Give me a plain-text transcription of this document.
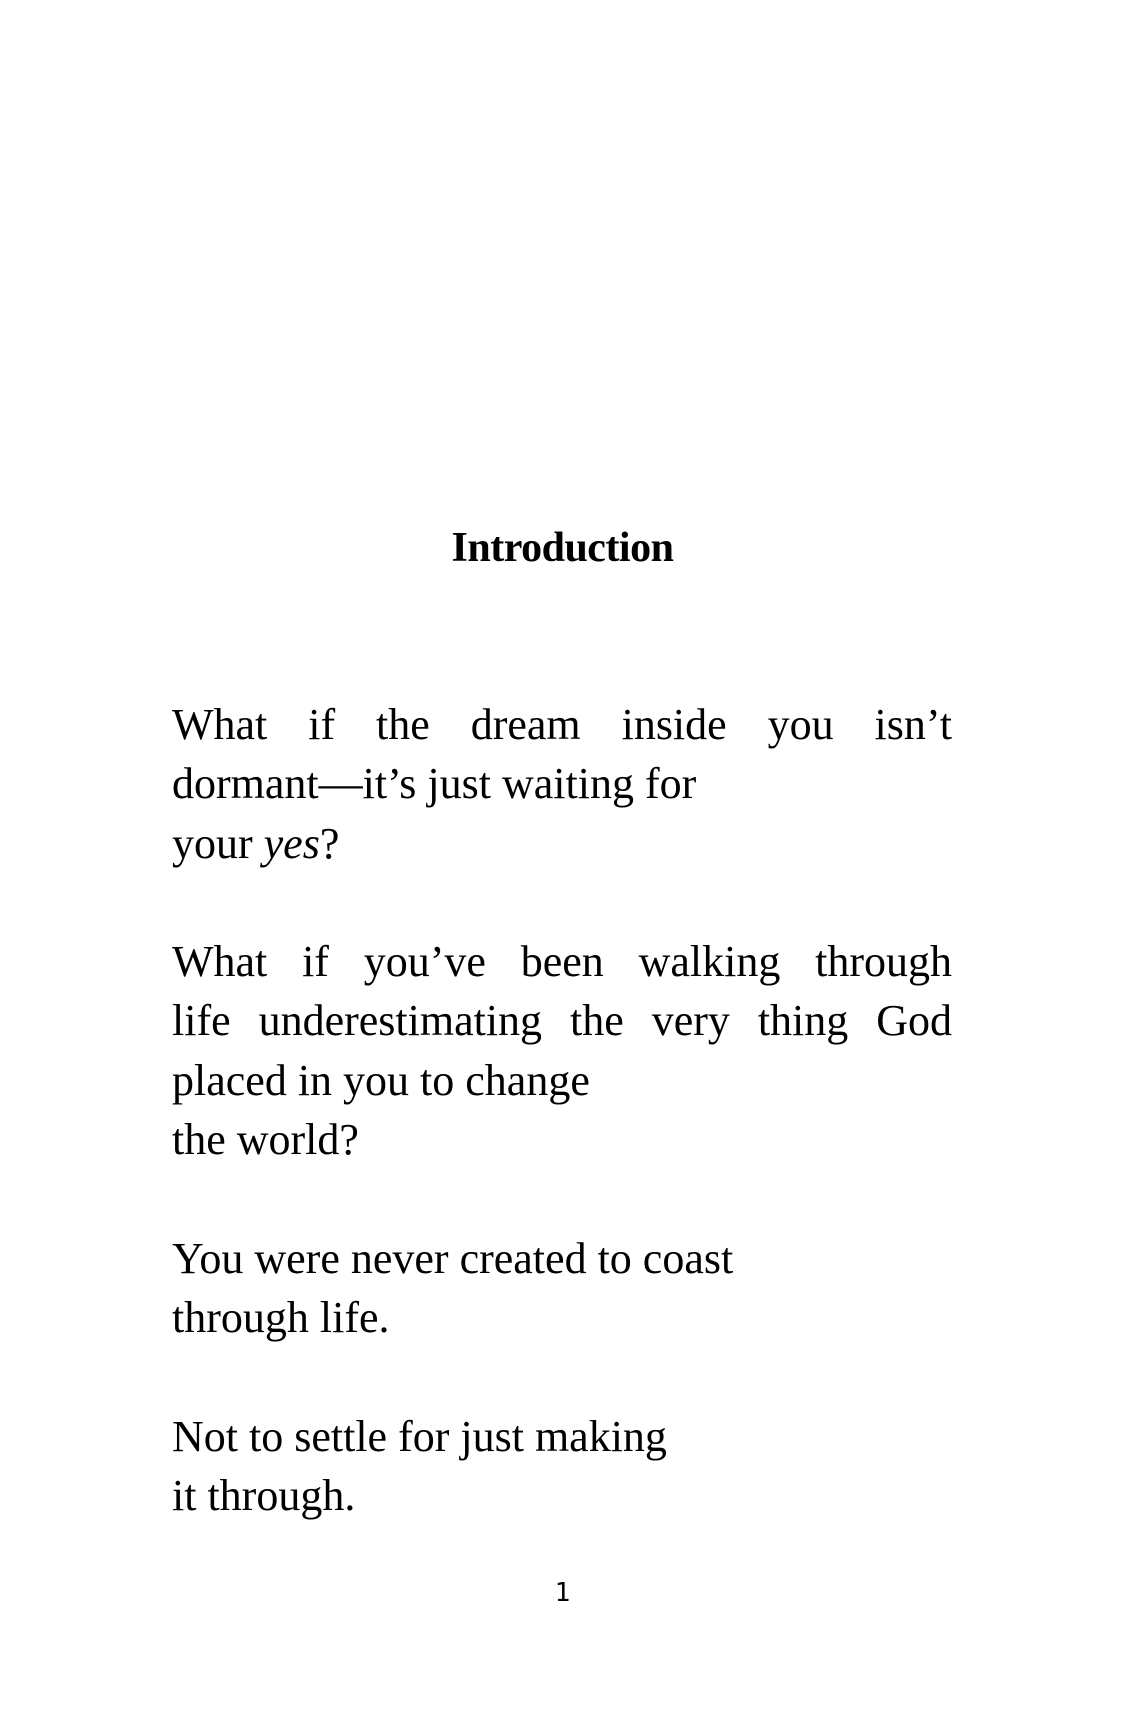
Introduction
What if the dream inside you isn’t
dormant—it’s just waiting for
your yes?
What if you’ve been walking through
life underestimating the very thing God
placed in you to change
the world?
You were never created to coast
through life.
Not to settle for just making
it through.
1
